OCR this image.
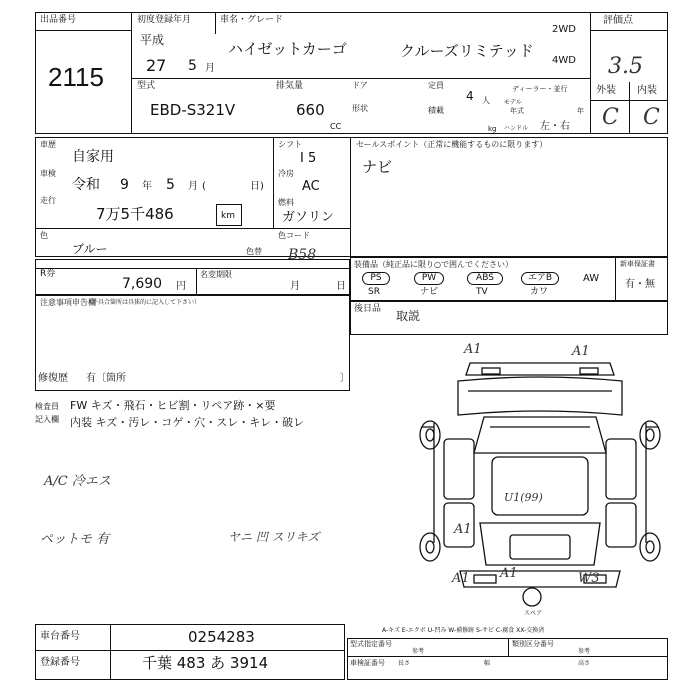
出品番号
2115
初度登録年月
平成
27 5 月
車名・グレード
ハイゼットカーゴ	クルーズリミテッド
2WD
4WD
型式
EBD-S321V
排気量
660
CC
ドア
形状
定員
4 人
積載
kg
ディーラー・並行
モデル
年式	年
ハンドル 左・右
評価点
3.5
外装 内装
C C
車歴
自家用
車検
令和 9 年 5 月 (	日)
走行
7万5千486	km
シフト
I 5
冷房
AC
燃料
ガソリン
セールスポイント（正常に機能するものに限ります）
ナビ
色
ブルー	色替
色コード
B58
R券
7,690 円
名変期限
月	日
装備品（純正品に限り○で囲んでください）
PS	PW	ABS	エアB	AW
SR	ナビ	TV	カワ
新車保証書
有・無
注意事項申告欄
（不具合箇所は具体的に記入して下さい）
修復歴 有〔箇所	〕
後日品 取説
検査員
記入欄
FW キズ・飛石・ヒビ割・リペア跡・×要
内装 キズ・汚レ・コゲ・穴・スレ・キレ・破レ
A/C 冷エス
ペットモ 有	ヤニ 凹 スリキズ
A1	A1
U1(99)
A1
A1 A1	W3
スペア
A-キズ E-エクボ U-凹み W-補修跡 S-サビ C-腐食 XX-交換済
車台番号	0254283
登録番号	千葉 483 あ 3914
型式指定番号
参考
類別区分番号
参考
車検証番号 長さ	幅	高さ
